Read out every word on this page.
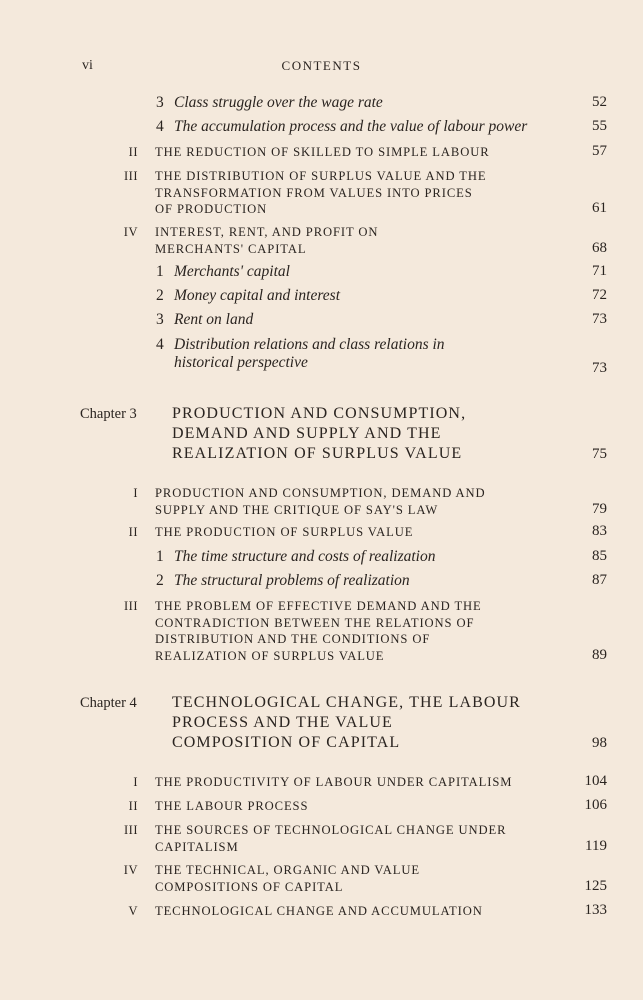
vi	CONTENTS
3 Class struggle over the wage rate	52
4 The accumulation process and the value of labour power	55
II THE REDUCTION OF SKILLED TO SIMPLE LABOUR	57
III THE DISTRIBUTION OF SURPLUS VALUE AND THE
TRANSFORMATION FROM VALUES INTO PRICES
OF PRODUCTION	61
IV INTEREST, RENT, AND PROFIT ON
MERCHANTS' CAPITAL	68
1 Merchants' capital	71
2 Money capital and interest	72
3 Rent on land	73
4 Distribution relations and class relations in
historical perspective	73
Chapter 3 PRODUCTION AND CONSUMPTION,
DEMAND AND SUPPLY AND THE
REALIZATION OF SURPLUS VALUE	75
I PRODUCTION AND CONSUMPTION, DEMAND AND
SUPPLY AND THE CRITIQUE OF SAY'S LAW	79
II THE PRODUCTION OF SURPLUS VALUE	83
1 The time structure and costs of realization	85
2 The structural problems of realization	87
III THE PROBLEM OF EFFECTIVE DEMAND AND THE
CONTRADICTION BETWEEN THE RELATIONS OF
DISTRIBUTION AND THE CONDITIONS OF
REALIZATION OF SURPLUS VALUE	89
Chapter 4 TECHNOLOGICAL CHANGE, THE LABOUR
PROCESS AND THE VALUE
COMPOSITION OF CAPITAL	98
I THE PRODUCTIVITY OF LABOUR UNDER CAPITALISM	104
II THE LABOUR PROCESS	106
III THE SOURCES OF TECHNOLOGICAL CHANGE UNDER
CAPITALISM	119
IV THE TECHNICAL, ORGANIC AND VALUE
COMPOSITIONS OF CAPITAL	125
V TECHNOLOGICAL CHANGE AND ACCUMULATION	133
